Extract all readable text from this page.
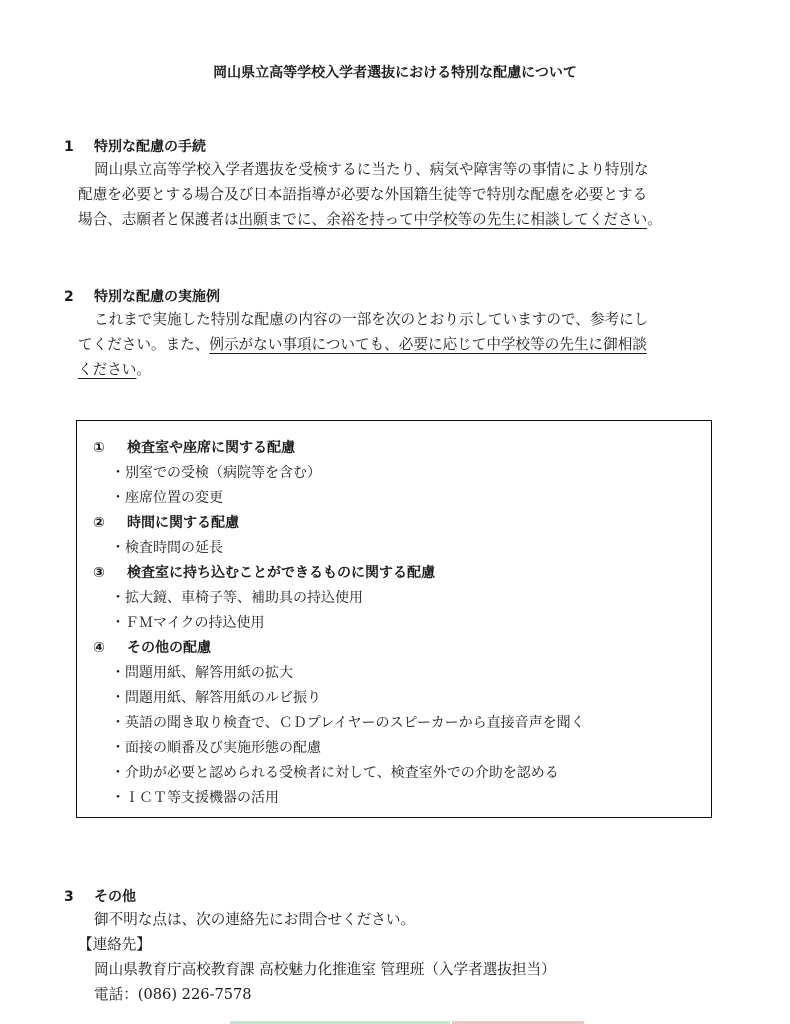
岡山県立高等学校入学者選抜における特別な配慮について
1 特別な配慮の手続
岡山県立高等学校入学者選抜を受検するに当たり、病気や障害等の事情により特別な
配慮を必要とする場合及び日本語指導が必要な外国籍生徒等で特別な配慮を必要とする
場合、志願者と保護者は出願までに、余裕を持って中学校等の先生に相談してください。
2 特別な配慮の実施例
これまで実施した特別な配慮の内容の一部を次のとおり示していますので、参考にし
てください。また、例示がない事項についても、必要に応じて中学校等の先生に御相談
ください。
① 検査室や座席に関する配慮
・別室での受検（病院等を含む）
・座席位置の変更
② 時間に関する配慮
・検査時間の延長
③ 検査室に持ち込むことができるものに関する配慮
・拡大鏡、車椅子等、補助具の持込使用
・ＦＭマイクの持込使用
④ その他の配慮
・問題用紙、解答用紙の拡大
・問題用紙、解答用紙のルビ振り
・英語の聞き取り検査で、ＣＤプレイヤーのスピーカーから直接音声を聞く
・面接の順番及び実施形態の配慮
・介助が必要と認められる受検者に対して、検査室外での介助を認める
・ＩＣＴ等支援機器の活用
3 その他
御不明な点は、次の連絡先にお問合せください。
【連絡先】
岡山県教育庁高校教育課 高校魅力化推進室 管理班（入学者選抜担当）
電話：(086) 226-7578
